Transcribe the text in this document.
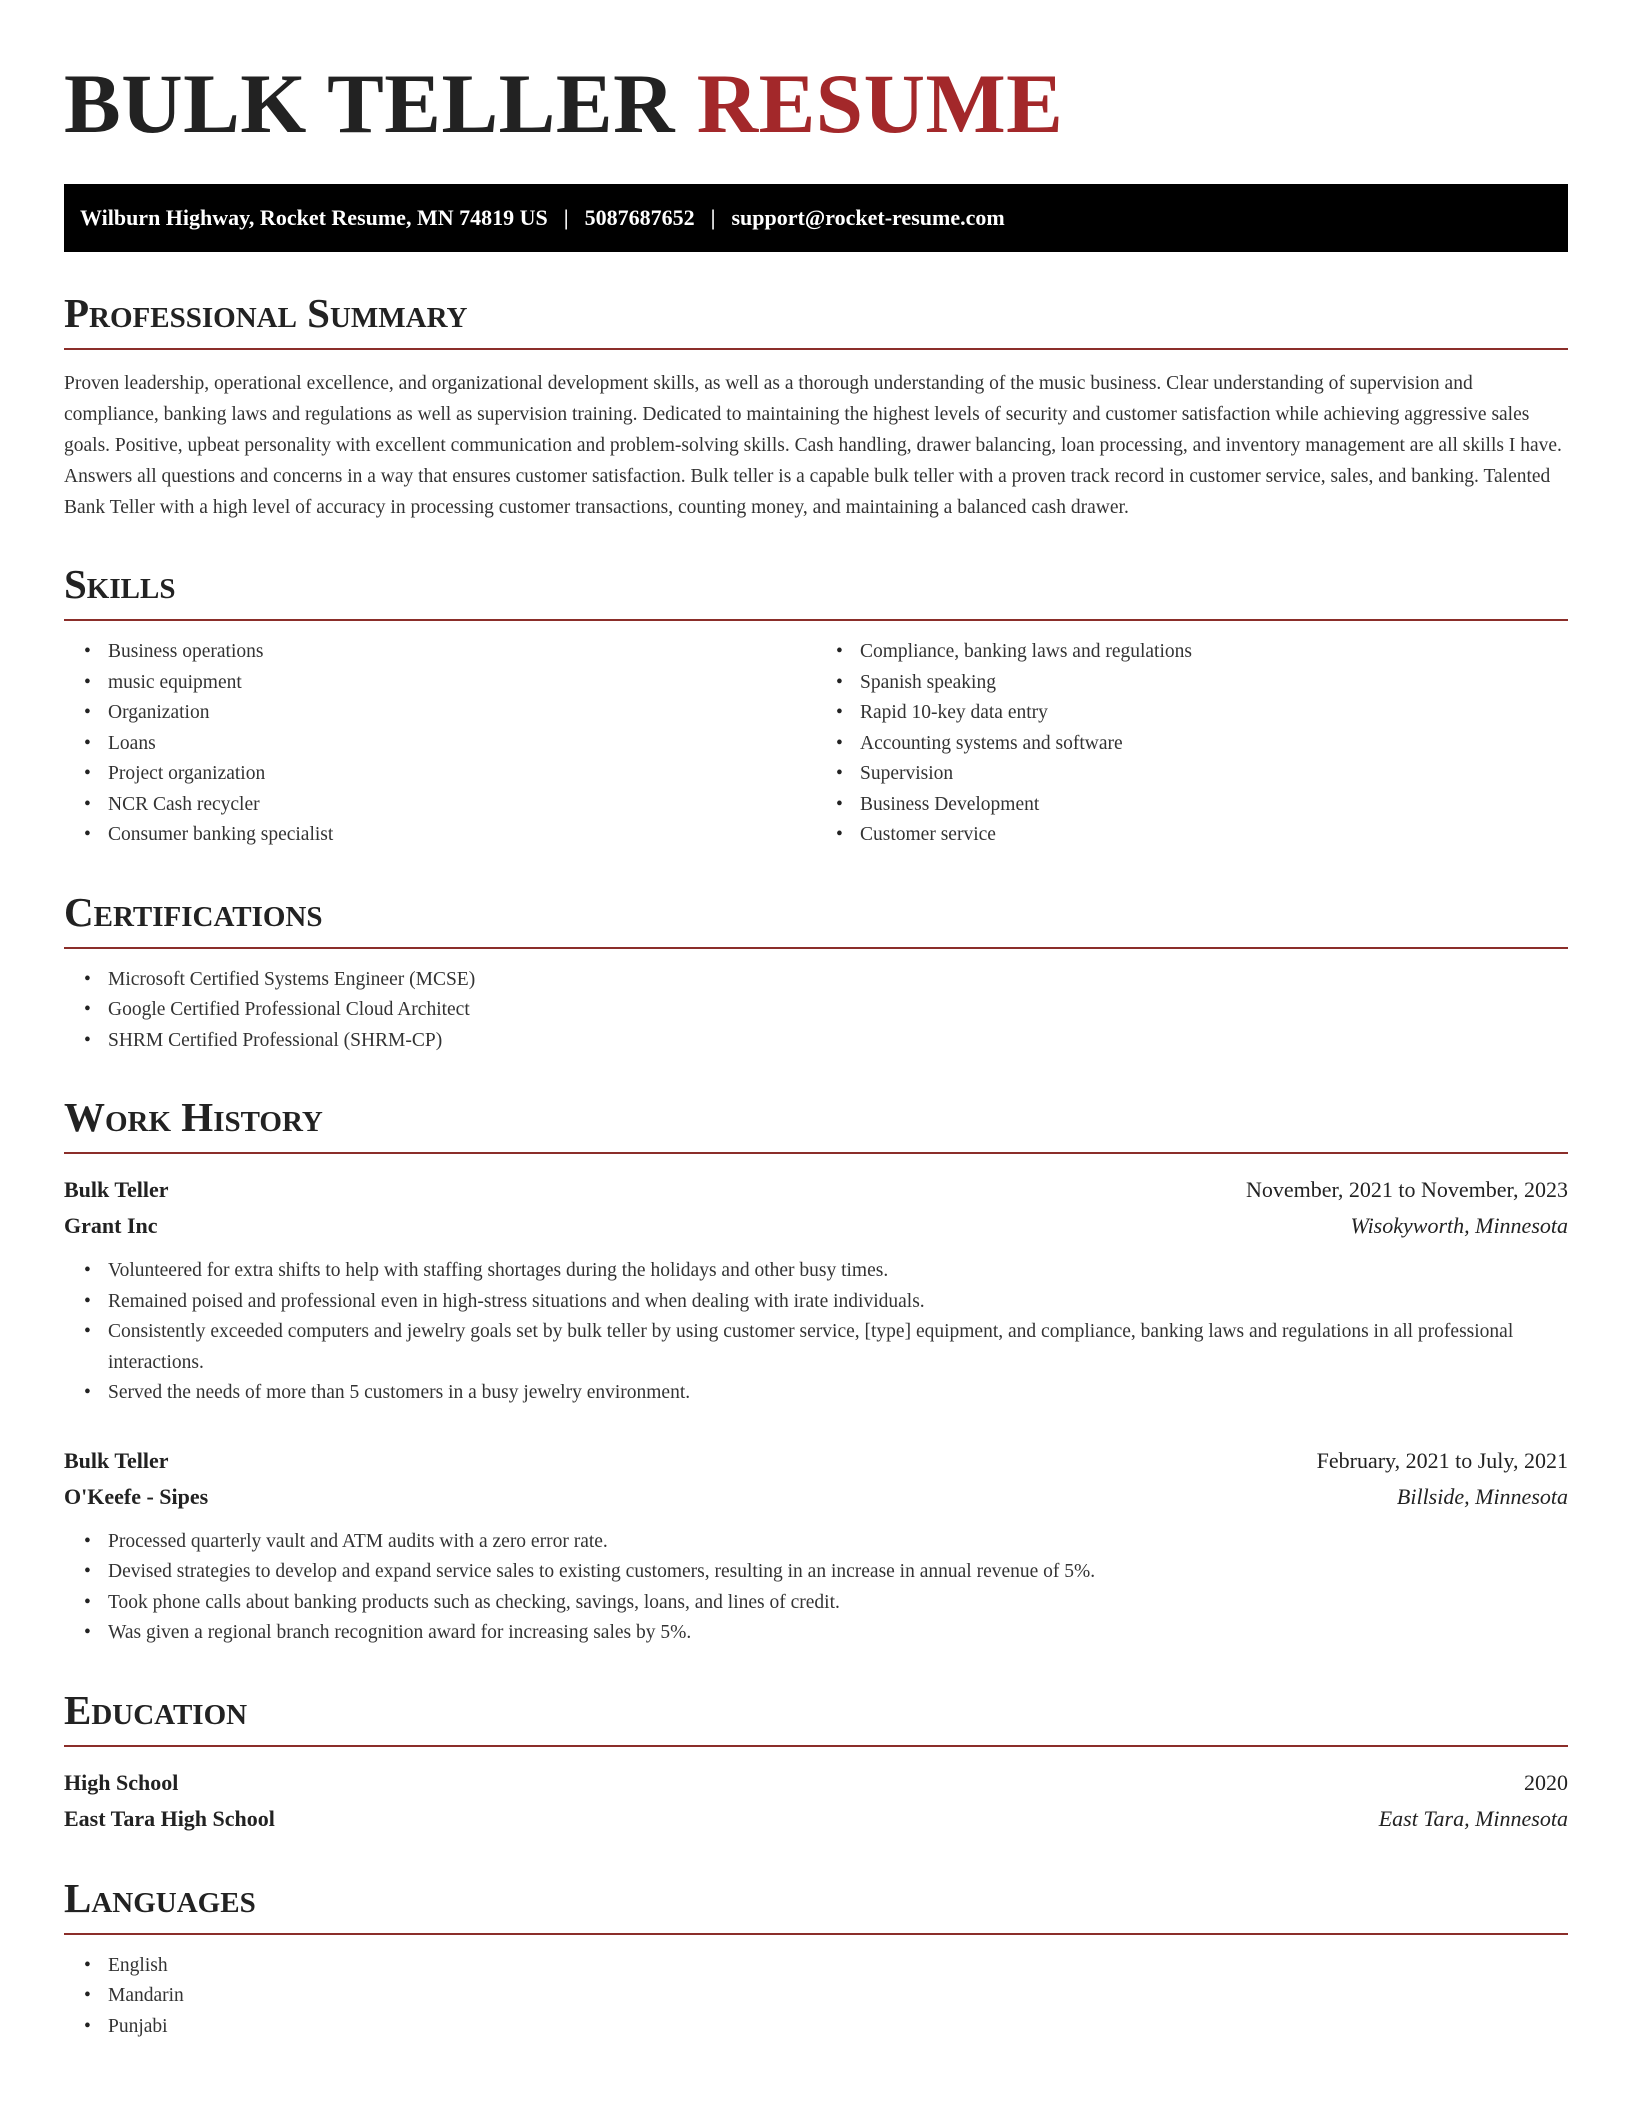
BULK TELLER RESUME
Wilburn Highway, Rocket Resume, MN 74819 US | 5087687652 | support@rocket-resume.com
Professional Summary

Proven leadership, operational excellence, and organizational development skills, as well as a thorough understanding of the music business. Clear understanding of supervision and compliance, banking laws and regulations as well as supervision training. Dedicated to maintaining the highest levels of security and customer satisfaction while achieving aggressive sales goals. Positive, upbeat personality with excellent communication and problem-solving skills. Cash handling, drawer balancing, loan processing, and inventory management are all skills I have. Answers all questions and concerns in a way that ensures customer satisfaction. Bulk teller is a capable bulk teller with a proven track record in customer service, sales, and banking. Talented Bank Teller with a high level of accuracy in processing customer transactions, counting money, and maintaining a balanced cash drawer.

Skills
• Business operations
• music equipment
• Organization
• Loans
• Project organization
• NCR Cash recycler
• Consumer banking specialist
• Compliance, banking laws and regulations
• Spanish speaking
• Rapid 10-key data entry
• Accounting systems and software
• Supervision
• Business Development
• Customer service
Certifications
• Microsoft Certified Systems Engineer (MCSE)
• Google Certified Professional Cloud Architect
• SHRM Certified Professional (SHRM-CP)
Work History
Bulk Teller	November, 2021 to November, 2023
Grant Inc	Wisokyworth, Minnesota
• Volunteered for extra shifts to help with staffing shortages during the holidays and other busy times.
• Remained poised and professional even in high-stress situations and when dealing with irate individuals.
• Consistently exceeded computers and jewelry goals set by bulk teller by using customer service, [type] equipment, and compliance, banking laws and regulations in all professional interactions.
• Served the needs of more than 5 customers in a busy jewelry environment.
Bulk Teller	February, 2021 to July, 2021
O'Keefe - Sipes	Billside, Minnesota
• Processed quarterly vault and ATM audits with a zero error rate.
• Devised strategies to develop and expand service sales to existing customers, resulting in an increase in annual revenue of 5%.
• Took phone calls about banking products such as checking, savings, loans, and lines of credit.
• Was given a regional branch recognition award for increasing sales by 5%.
Education
High School	2020
East Tara High School	East Tara, Minnesota
Languages
• English
• Mandarin
• Punjabi
